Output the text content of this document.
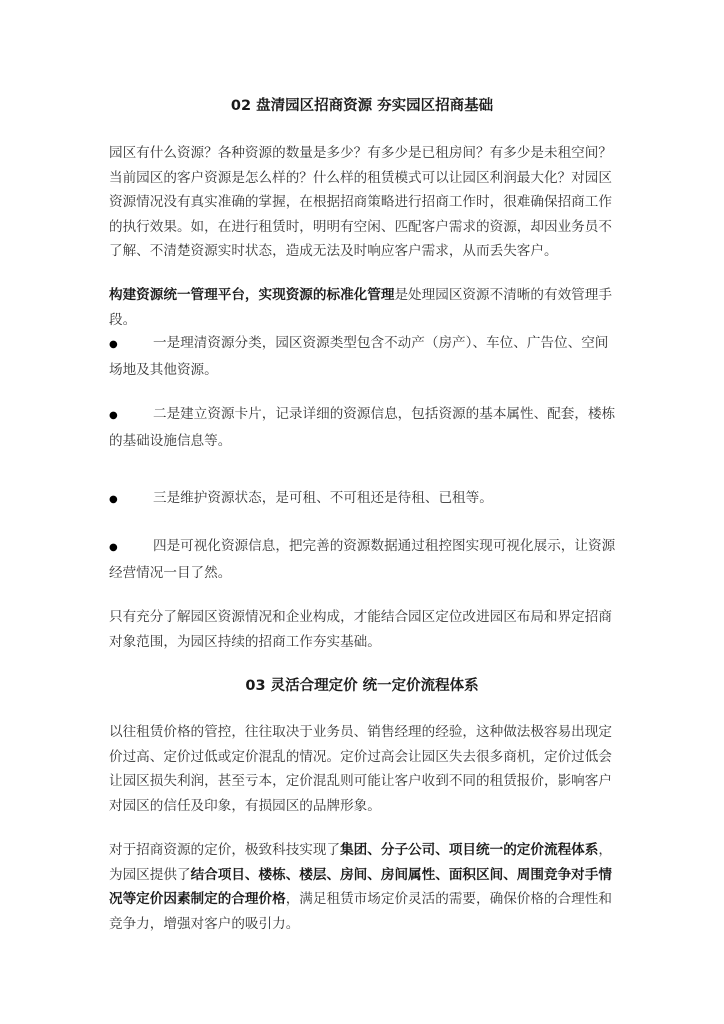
02 盘清园区招商资源 夯实园区招商基础

园区有什么资源？各种资源的数量是多少？有多少是已租房间？有多少是未租空间？当前园区的客户资源是怎么样的？什么样的租赁模式可以让园区利润最大化？对园区资源情况没有真实准确的掌握，在根据招商策略进行招商工作时，很难确保招商工作的执行效果。如，在进行租赁时，明明有空闲、匹配客户需求的资源，却因业务员不了解、不清楚资源实时状态，造成无法及时响应客户需求，从而丢失客户。

构建资源统一管理平台，实现资源的标准化管理是处理园区资源不清晰的有效管理手段。

●	一是理清资源分类，园区资源类型包含不动产（房产）、车位、广告位、空间场地及其他资源。

●	二是建立资源卡片，记录详细的资源信息，包括资源的基本属性、配套，楼栋的基础设施信息等。

●	三是维护资源状态，是可租、不可租还是待租、已租等。

●	四是可视化资源信息，把完善的资源数据通过租控图实现可视化展示，让资源经营情况一目了然。

只有充分了解园区资源情况和企业构成，才能结合园区定位改进园区布局和界定招商对象范围，为园区持续的招商工作夯实基础。

03 灵活合理定价 统一定价流程体系

以往租赁价格的管控，往往取决于业务员、销售经理的经验，这种做法极容易出现定价过高、定价过低或定价混乱的情况。定价过高会让园区失去很多商机，定价过低会让园区损失利润，甚至亏本，定价混乱则可能让客户收到不同的租赁报价，影响客户对园区的信任及印象，有损园区的品牌形象。

对于招商资源的定价，极致科技实现了集团、分子公司、项目统一的定价流程体系，为园区提供了结合项目、楼栋、楼层、房间、房间属性、面积区间、周围竞争对手情况等定价因素制定的合理价格，满足租赁市场定价灵活的需要，确保价格的合理性和竞争力，增强对客户的吸引力。
